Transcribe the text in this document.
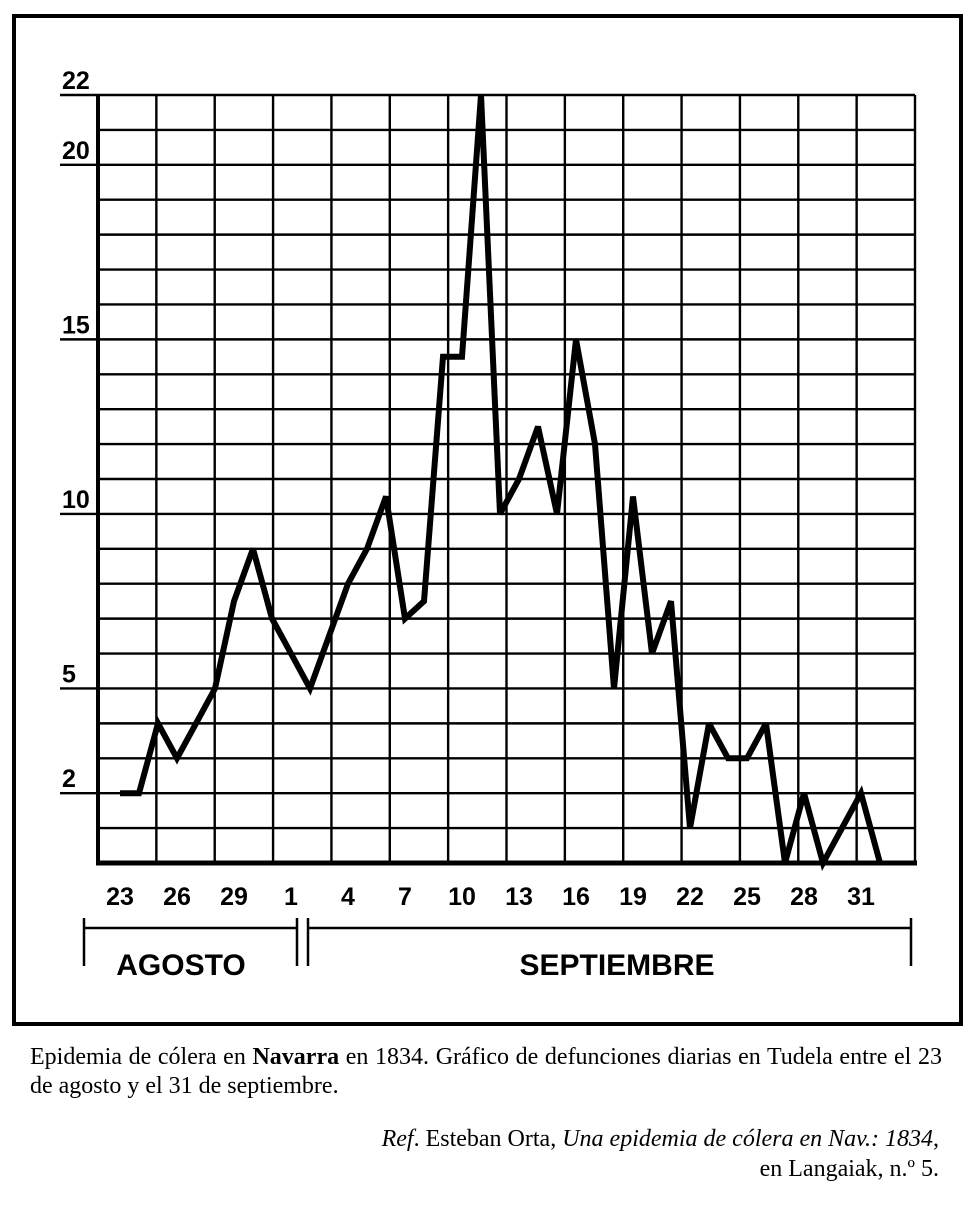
22
20
15
10
5
2
23 26 29 1 4 7 10 13 16 19 22 25 28 31
AGOSTO	SEPTIEMBRE
Epidemia de cólera en Navarra en 1834. Gráfico de defunciones diarias en Tudela entre el 23 de agosto y el 31 de septiembre.
Ref. Esteban Orta, Una epidemia de cólera en Nav.: 1834,
en Langaiak, n.º 5.
